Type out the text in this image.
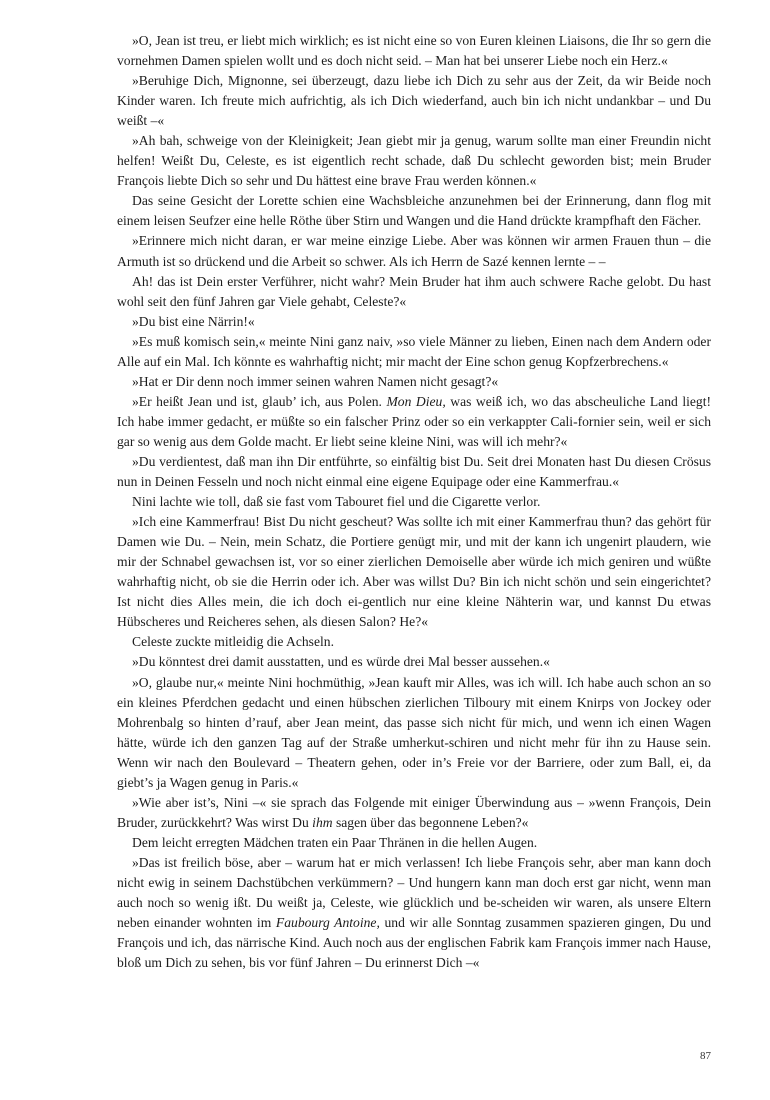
»O, Jean ist treu, er liebt mich wirklich; es ist nicht eine so von Euren kleinen Liaisons, die Ihr so gern die vornehmen Damen spielen wollt und es doch nicht seid. – Man hat bei unserer Liebe noch ein Herz.«

»Beruhige Dich, Mignonne, sei überzeugt, dazu liebe ich Dich zu sehr aus der Zeit, da wir Beide noch Kinder waren. Ich freute mich aufrichtig, als ich Dich wiederfand, auch bin ich nicht undankbar – und Du weißt –«

»Ah bah, schweige von der Kleinigkeit; Jean giebt mir ja genug, warum sollte man einer Freundin nicht helfen! Weißt Du, Celeste, es ist eigentlich recht schade, daß Du schlecht geworden bist; mein Bruder François liebte Dich so sehr und Du hättest eine brave Frau werden können.«

Das seine Gesicht der Lorette schien eine Wachsbleiche anzunehmen bei der Erinnerung, dann flog mit einem leisen Seufzer eine helle Röthe über Stirn und Wangen und die Hand drückte krampfhaft den Fächer.

»Erinnere mich nicht daran, er war meine einzige Liebe. Aber was können wir armen Frauen thun – die Armuth ist so drückend und die Arbeit so schwer. Als ich Herrn de Sazé kennen lernte – –

Ah! das ist Dein erster Verführer, nicht wahr? Mein Bruder hat ihm auch schwere Rache gelobt. Du hast wohl seit den fünf Jahren gar Viele gehabt, Celeste?«

»Du bist eine Närrin!«

»Es muß komisch sein,« meinte Nini ganz naiv, »so viele Männer zu lieben, Einen nach dem Andern oder Alle auf ein Mal. Ich könnte es wahrhaftig nicht; mir macht der Eine schon genug Kopfzerbrechens.«

»Hat er Dir denn noch immer seinen wahren Namen nicht gesagt?«

»Er heißt Jean und ist, glaub’ ich, aus Polen. Mon Dieu, was weiß ich, wo das abscheuliche Land liegt! Ich habe immer gedacht, er müßte so ein falscher Prinz oder so ein verkappter Cali-fornier sein, weil er sich gar so wenig aus dem Golde macht. Er liebt seine kleine Nini, was will ich mehr?«

»Du verdientest, daß man ihn Dir entführte, so einfältig bist Du. Seit drei Monaten hast Du diesen Crösus nun in Deinen Fesseln und noch nicht einmal eine eigene Equipage oder eine Kammerfrau.«

Nini lachte wie toll, daß sie fast vom Tabouret fiel und die Cigarette verlor.

»Ich eine Kammerfrau! Bist Du nicht gescheut? Was sollte ich mit einer Kammerfrau thun? das gehört für Damen wie Du. – Nein, mein Schatz, die Portiere genügt mir, und mit der kann ich ungenirt plaudern, wie mir der Schnabel gewachsen ist, vor so einer zierlichen Demoiselle aber würde ich mich geniren und wüßte wahrhaftig nicht, ob sie die Herrin oder ich. Aber was willst Du? Bin ich nicht schön und sein eingerichtet? Ist nicht dies Alles mein, die ich doch ei-gentlich nur eine kleine Nähterin war, und kannst Du etwas Hübscheres und Reicheres sehen, als diesen Salon? He?«

Celeste zuckte mitleidig die Achseln.

»Du könntest drei damit ausstatten, und es würde drei Mal besser aussehen.«

»O, glaube nur,« meinte Nini hochmüthig, »Jean kauft mir Alles, was ich will. Ich habe auch schon an so ein kleines Pferdchen gedacht und einen hübschen zierlichen Tilboury mit einem Knirps von Jockey oder Mohrenbalg so hinten d’rauf, aber Jean meint, das passe sich nicht für mich, und wenn ich einen Wagen hätte, würde ich den ganzen Tag auf der Straße umherkut-schiren und nicht mehr für ihn zu Hause sein. Wenn wir nach den Boulevard – Theatern gehen, oder in’s Freie vor der Barriere, oder zum Ball, ei, da giebt’s ja Wagen genug in Paris.«

»Wie aber ist’s, Nini –« sie sprach das Folgende mit einiger Überwindung aus – »wenn François, Dein Bruder, zurückkehrt? Was wirst Du ihm sagen über das begonnene Leben?«

Dem leicht erregten Mädchen traten ein Paar Thränen in die hellen Augen.

»Das ist freilich böse, aber – warum hat er mich verlassen! Ich liebe François sehr, aber man kann doch nicht ewig in seinem Dachstübchen verkümmern? – Und hungern kann man doch erst gar nicht, wenn man auch noch so wenig ißt. Du weißt ja, Celeste, wie glücklich und be-scheiden wir waren, als unsere Eltern neben einander wohnten im Faubourg Antoine, und wir alle Sonntag zusammen spazieren gingen, Du und François und ich, das närrische Kind. Auch noch aus der englischen Fabrik kam François immer nach Hause, bloß um Dich zu sehen, bis vor fünf Jahren – Du erinnerst Dich –«

87
